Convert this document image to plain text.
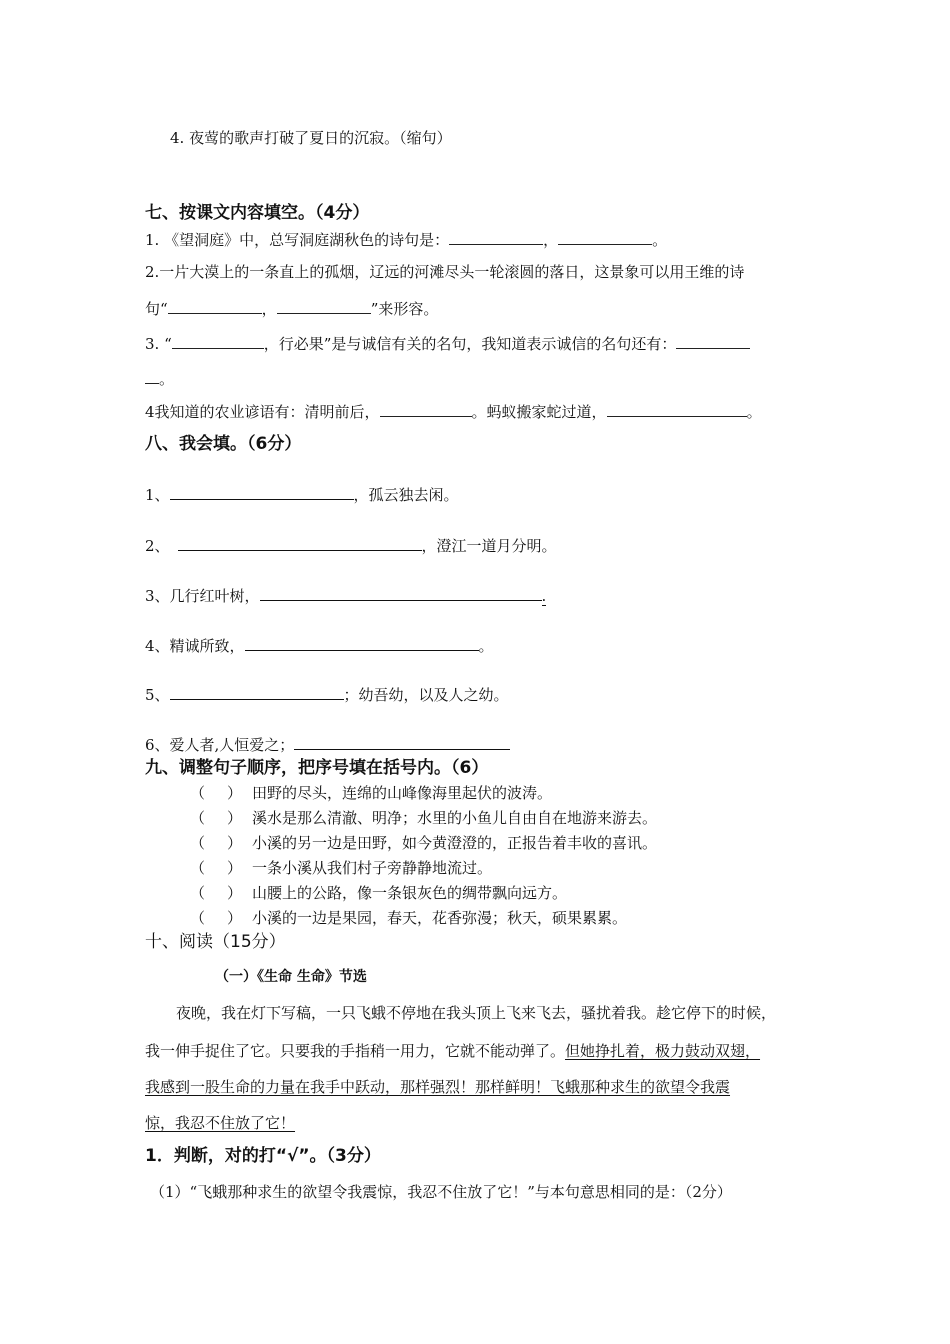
4. 夜莺的歌声打破了夏日的沉寂。（缩句）
七、按课文内容填空。（4分）
1. 《望洞庭》中，总写洞庭湖秋色的诗句是：	，	。
2.一片大漠上的一条直上的孤烟，辽远的河滩尽头一轮滚圆的落日，这景象可以用王维的诗
句“	，	”来形容。
3. “	，行必果”是与诚信有关的名句，我知道表示诚信的名句还有：
。
4我知道的农业谚语有：清明前后，	。蚂蚁搬家蛇过道，	。
八、我会填。（6分）
1、	，孤云独去闲。
2、	，澄江一道月分明。
3、几行红叶树，	.
4、精诚所致，	。
5、	；幼吾幼，以及人之幼。
6、爱人者,人恒爱之；
九、调整句子顺序，把序号填在括号内。（6）
（ ） 田野的尽头，连绵的山峰像海里起伏的波涛。
（ ） 溪水是那么清澈、明净；水里的小鱼儿自由自在地游来游去。
（ ） 小溪的另一边是田野，如今黄澄澄的，正报告着丰收的喜讯。
（ ） 一条小溪从我们村子旁静静地流过。
（ ） 山腰上的公路，像一条银灰色的绸带飘向远方。
（ ） 小溪的一边是果园，春天，花香弥漫；秋天，硕果累累。
十、阅读（15分）
（一）《生命 生命》节选
夜晚，我在灯下写稿，一只飞蛾不停地在我头顶上飞来飞去，骚扰着我。趁它停下的时候，
我一伸手捉住了它。只要我的手指稍一用力，它就不能动弹了。但她挣扎着，极力鼓动双翅，
我感到一股生命的力量在我手中跃动，那样强烈！那样鲜明！飞蛾那种求生的欲望令我震
惊，我忍不住放了它！
1．判断，对的打“√”。（3分）
（1）“飞蛾那种求生的欲望令我震惊，我忍不住放了它！”与本句意思相同的是：（2分）
